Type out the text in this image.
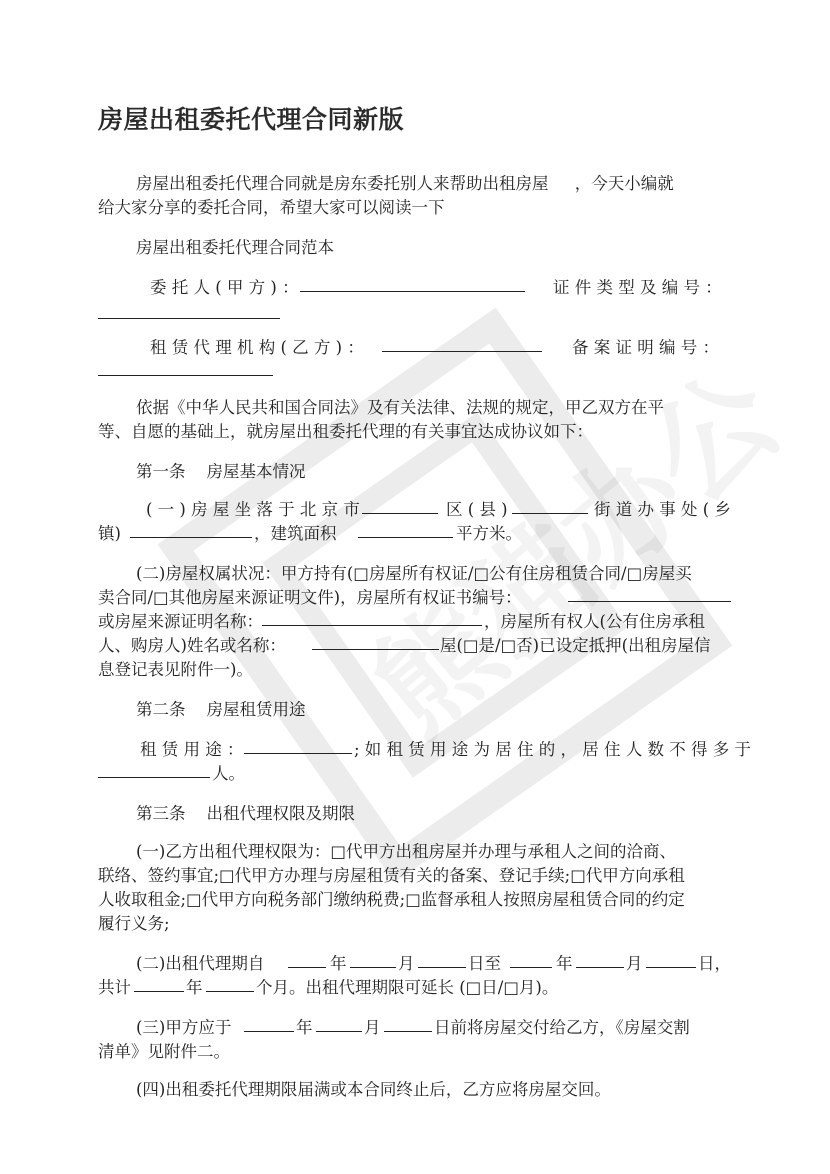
房屋出租委托代理合同新版
房屋出租委托代理合同就是房东委托别人来帮助出租房屋 ，今天小编就
给大家分享的委托合同，希望大家可以阅读一下
房屋出租委托代理合同范本
委 托 人 ( 甲 方 ) ：	证 件 类 型 及 编 号 ：
租 赁 代 理 机 构 ( 乙 方 ) ：	备 案 证 明 编 号 ：
依据《中华人民共和国合同法》及有关法律、法规的规定，甲乙双方在平
等、自愿的基础上，就房屋出租委托代理的有关事宜达成协议如下：
第一条    房屋基本情况
( 一 ) 房 屋 坐 落 于 北 京 市	区 ( 县 )	街 道 办 事 处 ( 乡
镇)	，建筑面积	平方米。
(二)房屋权属状况：甲方持有(□房屋所有权证/□公有住房租赁合同/□房屋买
卖合同/□其他房屋来源证明文件)，房屋所有权证书编号：
或房屋来源证明名称：	，房屋所有权人(公有住房承租
人、购房人)姓名或名称：	屋(□是/□否)已设定抵押(出租房屋信
息登记表见附件一)。
第二条    房屋租赁用途
租 赁 用 途 ：	; 如 租 赁 用 途 为 居 住 的 ， 居 住 人 数 不 得 多 于
人。
第三条    出租代理权限及期限
(一)乙方出租代理权限为：□代甲方出租房屋并办理与承租人之间的洽商、
联络、签约事宜;□代甲方办理与房屋租赁有关的备案、登记手续;□代甲方向承租
人收取租金;□代甲方向税务部门缴纳税费;□监督承租人按照房屋租赁合同的约定
履行义务;
(二)出租代理期自	年	月	日至	年	月	日，
共计	年	个月。出租代理期限可延长 (□日/□月)。
(三)甲方应于	年	月	日前将房屋交付给乙方，《房屋交割
清单》见附件二。
(四)出租委托代理期限届满或本合同终止后，乙方应将房屋交回。
